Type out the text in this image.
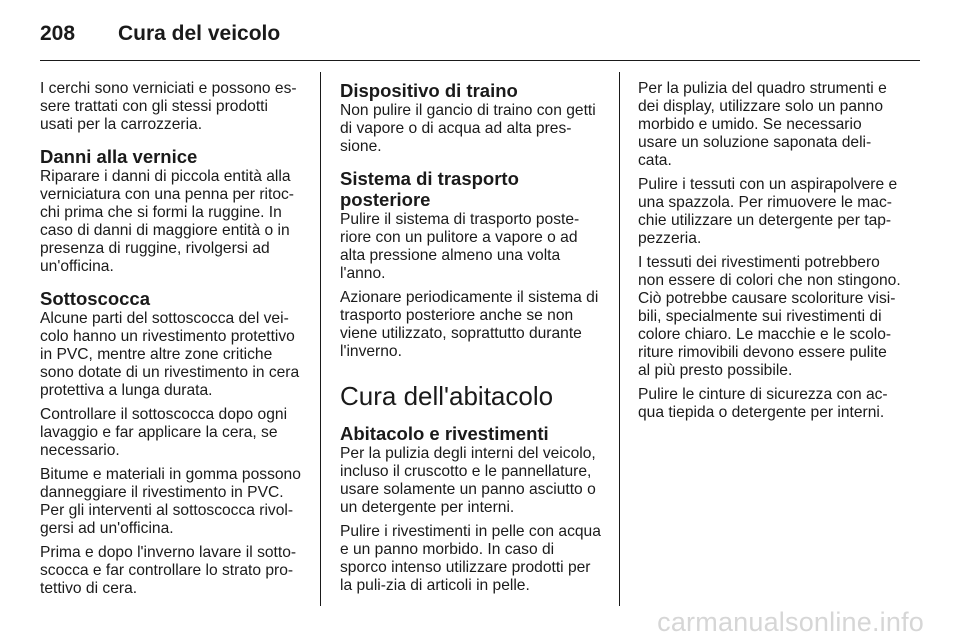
208	Cura del veicolo

I cerchi sono verniciati e possono es-sere trattati con gli stessi prodotti usati per la carrozzeria.

Danni alla vernice

Riparare i danni di piccola entità alla verniciatura con una penna per ritoc-chi prima che si formi la ruggine. In caso di danni di maggiore entità o in presenza di ruggine, rivolgersi ad un'officina.

Sottoscocca

Alcune parti del sottoscocca del vei-colo hanno un rivestimento protettivo in PVC, mentre altre zone critiche sono dotate di un rivestimento in cera protettiva a lunga durata.

Controllare il sottoscocca dopo ogni lavaggio e far applicare la cera, se necessario.

Bitume e materiali in gomma possono danneggiare il rivestimento in PVC. Per gli interventi al sottoscocca rivol-gersi ad un'officina.

Prima e dopo l'inverno lavare il sotto-scocca e far controllare lo strato pro-tettivo di cera.

Dispositivo di traino

Non pulire il gancio di traino con getti di vapore o di acqua ad alta pres-sione.

Sistema di trasporto posteriore

Pulire il sistema di trasporto poste-riore con un pulitore a vapore o ad alta pressione almeno una volta l'anno.

Azionare periodicamente il sistema di trasporto posteriore anche se non viene utilizzato, soprattutto durante l'inverno.

Cura dell'abitacolo
Abitacolo e rivestimenti

Per la pulizia degli interni del veicolo, incluso il cruscotto e le pannellature, usare solamente un panno asciutto o un detergente per interni.

Pulire i rivestimenti in pelle con acqua e un panno morbido. In caso di sporco intenso utilizzare prodotti per la puli-zia di articoli in pelle.

Per la pulizia del quadro strumenti e dei display, utilizzare solo un panno morbido e umido. Se necessario usare un soluzione saponata deli-cata.

Pulire i tessuti con un aspirapolvere e una spazzola. Per rimuovere le mac-chie utilizzare un detergente per tap-pezzeria.

I tessuti dei rivestimenti potrebbero non essere di colori che non stingono. Ciò potrebbe causare scoloriture visi-bili, specialmente sui rivestimenti di colore chiaro. Le macchie e le scolo-riture rimovibili devono essere pulite al più presto possibile.

Pulire le cinture di sicurezza con ac-qua tiepida o detergente per interni.

carmanualsonline.info
